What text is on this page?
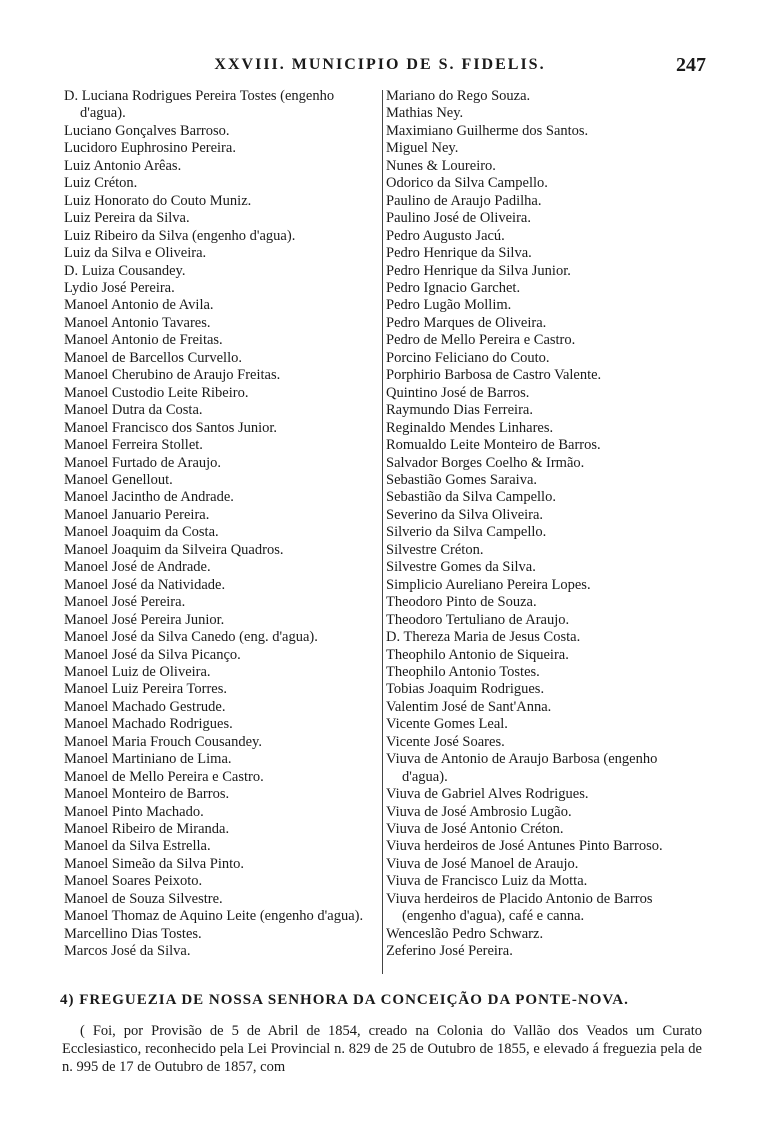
XXVIII. MUNICIPIO DE S. FIDELIS.	247
D. Luciana Rodrigues Pereira Tostes (engenho d'agua).
Luciano Gonçalves Barroso.
Lucidoro Euphrosino Pereira.
Luiz Antonio Arêas.
Luiz Créton.
Luiz Honorato do Couto Muniz.
Luiz Pereira da Silva.
Luiz Ribeiro da Silva (engenho d'agua).
Luiz da Silva e Oliveira.
D. Luiza Cousandey.
Lydio José Pereira.
Manoel Antonio de Avila.
Manoel Antonio Tavares.
Manoel Antonio de Freitas.
Manoel de Barcellos Curvello.
Manoel Cherubino de Araujo Freitas.
Manoel Custodio Leite Ribeiro.
Manoel Dutra da Costa.
Manoel Francisco dos Santos Junior.
Manoel Ferreira Stollet.
Manoel Furtado de Araujo.
Manoel Genellout.
Manoel Jacintho de Andrade.
Manoel Januario Pereira.
Manoel Joaquim da Costa.
Manoel Joaquim da Silveira Quadros.
Manoel José de Andrade.
Manoel José da Natividade.
Manoel José Pereira.
Manoel José Pereira Junior.
Manoel José da Silva Canedo (eng. d'agua).
Manoel José da Silva Picanço.
Manoel Luiz de Oliveira.
Manoel Luiz Pereira Torres.
Manoel Machado Gestrude.
Manoel Machado Rodrigues.
Manoel Maria Frouch Cousandey.
Manoel Martiniano de Lima.
Manoel de Mello Pereira e Castro.
Manoel Monteiro de Barros.
Manoel Pinto Machado.
Manoel Ribeiro de Miranda.
Manoel da Silva Estrella.
Manoel Simeão da Silva Pinto.
Manoel Soares Peixoto.
Manoel de Souza Silvestre.
Manoel Thomaz de Aquino Leite (engenho d'agua).
Marcellino Dias Tostes.
Marcos José da Silva.
Mariano do Rego Souza.
Mathias Ney.
Maximiano Guilherme dos Santos.
Miguel Ney.
Nunes & Loureiro.
Odorico da Silva Campello.
Paulino de Araujo Padilha.
Paulino José de Oliveira.
Pedro Augusto Jacú.
Pedro Henrique da Silva.
Pedro Henrique da Silva Junior.
Pedro Ignacio Garchet.
Pedro Lugão Mollim.
Pedro Marques de Oliveira.
Pedro de Mello Pereira e Castro.
Porcino Feliciano do Couto.
Porphirio Barbosa de Castro Valente.
Quintino José de Barros.
Raymundo Dias Ferreira.
Reginaldo Mendes Linhares.
Romualdo Leite Monteiro de Barros.
Salvador Borges Coelho & Irmão.
Sebastião Gomes Saraiva.
Sebastião da Silva Campello.
Severino da Silva Oliveira.
Silverio da Silva Campello.
Silvestre Créton.
Silvestre Gomes da Silva.
Simplicio Aureliano Pereira Lopes.
Theodoro Pinto de Souza.
Theodoro Tertuliano de Araujo.
D. Thereza Maria de Jesus Costa.
Theophilo Antonio de Siqueira.
Theophilo Antonio Tostes.
Tobias Joaquim Rodrigues.
Valentim José de Sant'Anna.
Vicente Gomes Leal.
Vicente José Soares.
Viuva de Antonio de Araujo Barbosa (engenho d'agua).
Viuva de Gabriel Alves Rodrigues.
Viuva de José Ambrosio Lugão.
Viuva de José Antonio Créton.
Viuva herdeiros de José Antunes Pinto Barroso.
Viuva de José Manoel de Araujo.
Viuva de Francisco Luiz da Motta.
Viuva herdeiros de Placido Antonio de Barros (engenho d'agua), café e canna.
Wenceslão Pedro Schwarz.
Zeferino José Pereira.
4) FREGUEZIA DE NOSSA SENHORA DA CONCEIÇÃO DA PONTE-NOVA.
( Foi, por Provisão de 5 de Abril de 1854, creado na Colonia do Vallão dos Veados um Curato Ecclesiastico, reconhecido pela Lei Provincial n. 829 de 25 de Outubro de 1855, e elevado á freguezia pela de n. 995 de 17 de Outubro de 1857, com
